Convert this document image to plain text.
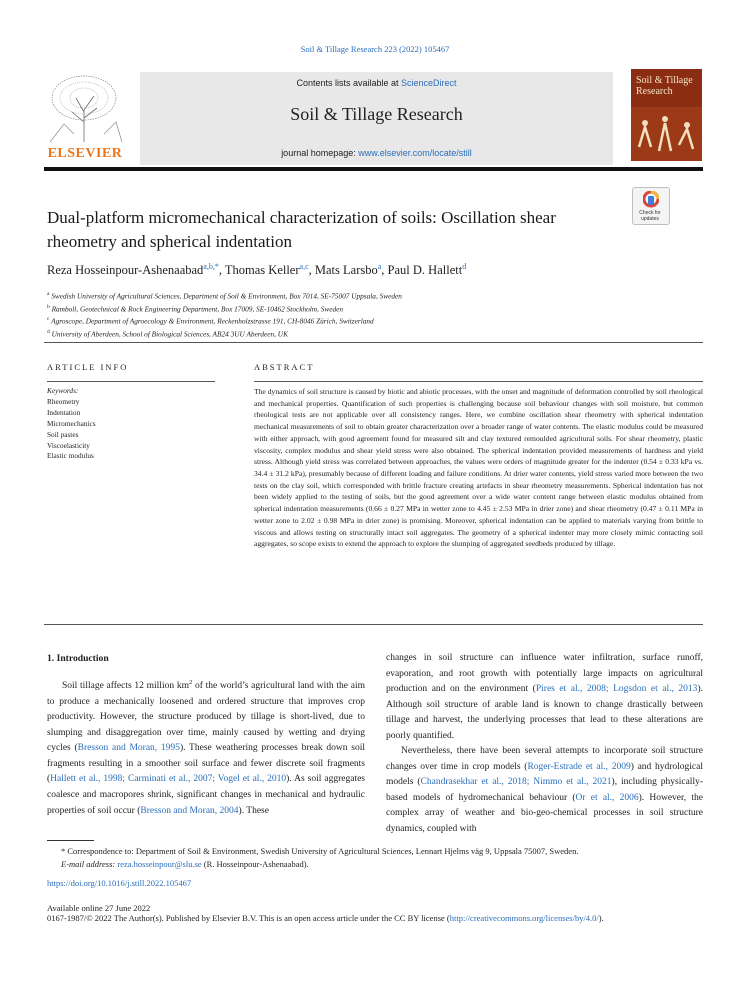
Soil & Tillage Research 223 (2022) 105467
ELSEVIER
Contents lists available at ScienceDirect
Soil & Tillage Research
journal homepage: www.elsevier.com/locate/still
Soil & Tillage Research
Check for updates
Dual-platform micromechanical characterization of soils: Oscillation shear rheometry and spherical indentation
Reza Hosseinpour-Ashenaabad$^{a,b,*}$, Thomas Keller$^{a,c}$, Mats Larsbo$^a$, Paul D. Hallett$^d$
$^a$ Swedish University of Agricultural Sciences, Department of Soil & Environment, Box 7014, SE-75007 Uppsala, Sweden
$^b$ Ramboll, Geotechnical & Rock Engineering Department, Box 17009, SE-10462 Stockholm, Sweden
$^c$ Agroscope, Department of Agroecology & Environment, Reckenholzstrasse 191, CH-8046 Zürich, Switzerland
$^d$ University of Aberdeen, School of Biological Sciences, AB24 3UU Aberdeen, UK
ARTICLE INFO	ABSTRACT
Keywords:
Rheometry
Indentation
Micromechanics
Soil pastes
Viscoelasticity
Elastic modulus
The dynamics of soil structure is caused by biotic and abiotic processes, with the onset and magnitude of deformation controlled by soil rheological and mechanical properties. Quantification of such properties is challenging because soil behaviour changes with soil moisture, but common rheological tests are not applicable over all consistency ranges. Here, we combine oscillation shear rheometry with spherical indentation mechanical measurements of soil to obtain greater characterization over a broader range of water contents. The elastic modulus could be measured with either approach, with good agreement found for measured silt and clay textured remoulded agricultural soils. For shear rheometry, plastic viscosity, complex modulus and shear yield stress were also obtained. The spherical indentation provided measurements of hardness and yield stress. Although yield stress was correlated between approaches, the values were orders of magnitude greater for the indenter (0.54 ± 0.33 kPa vs. 34.4 ± 31.2 kPa), presumably because of different loading and failure conditions. At drier water contents, yield stress varied more between the two tests on the clay soil, which corresponded with brittle fracture creating artefacts in shear rheometry measurements. Spherical indentation has not been widely applied to the testing of soils, but the good agreement over a wide water content range between elastic modulus obtained from spherical indentation measurements (0.66 ± 0.27 MPa in wetter zone to 4.45 ± 2.53 MPa in drier zone) and shear rheometry (0.47 ± 0.11 MPa in wetter zone to 2.02 ± 0.98 MPa in drier zone) is promising. Moreover, spherical indentation can be applied to materials varying from brittle to viscous and allows testing on structurally intact soil aggregates. The geometry of a spherical indenter may more closely mimic contacting soil aggregates, so scope exists to extend the approach to explore the slumping of aggregated seedbeds produced by tillage.
1. Introduction

Soil tillage affects 12 million $km^2$ of the world’s agricultural land with the aim to produce a mechanically loosened and ordered structure that improves crop productivity. However, the structure produced by tillage is short-lived, due to slumping and disaggregation over time, mainly caused by wetting and drying cycles (Bresson and Moran, 1995). These weathering processes break down soil fragments resulting in a smoother soil surface and fewer discrete soil fragments (Hallett et al., 1998; Carminati et al., 2007; Vogel et al., 2010). As soil aggregates coalesce and macropores shrink, significant changes in mechanical and hydraulic properties of soil occur (Bresson and Moran, 2004). These

changes in soil structure can influence water infiltration, surface runoff, evaporation, and root growth with potentially large impacts on agricultural production and on the environment (Pires et al., 2008; Logsdon et al., 2013). Although soil structure of arable land is known to change drastically between tillage and harvest, the underlying processes that lead to these alterations are poorly quantified.

Nevertheless, there have been several attempts to incorporate soil structure changes over time in crop models (Roger-Estrade et al., 2009) and hydrological models (Chandrasekhar et al., 2018; Nimmo et al., 2021), including physically-based models of hydromechanical behaviour (Or et al., 2006). However, the complex array of weather and bio-geo-chemical processes in soil structure dynamics, coupled with

* Correspondence to: Department of Soil & Environment, Swedish University of Agricultural Sciences, Lennart Hjelms väg 9, Uppsala 75007, Sweden.
E-mail address: reza.hosseinpour@slu.se (R. Hosseinpour-Ashenaabad).
https://doi.org/10.1016/j.still.2022.105467
Available online 27 June 2022
0167-1987/© 2022 The Author(s). Published by Elsevier B.V. This is an open access article under the CC BY license (http://creativecommons.org/licenses/by/4.0/).
